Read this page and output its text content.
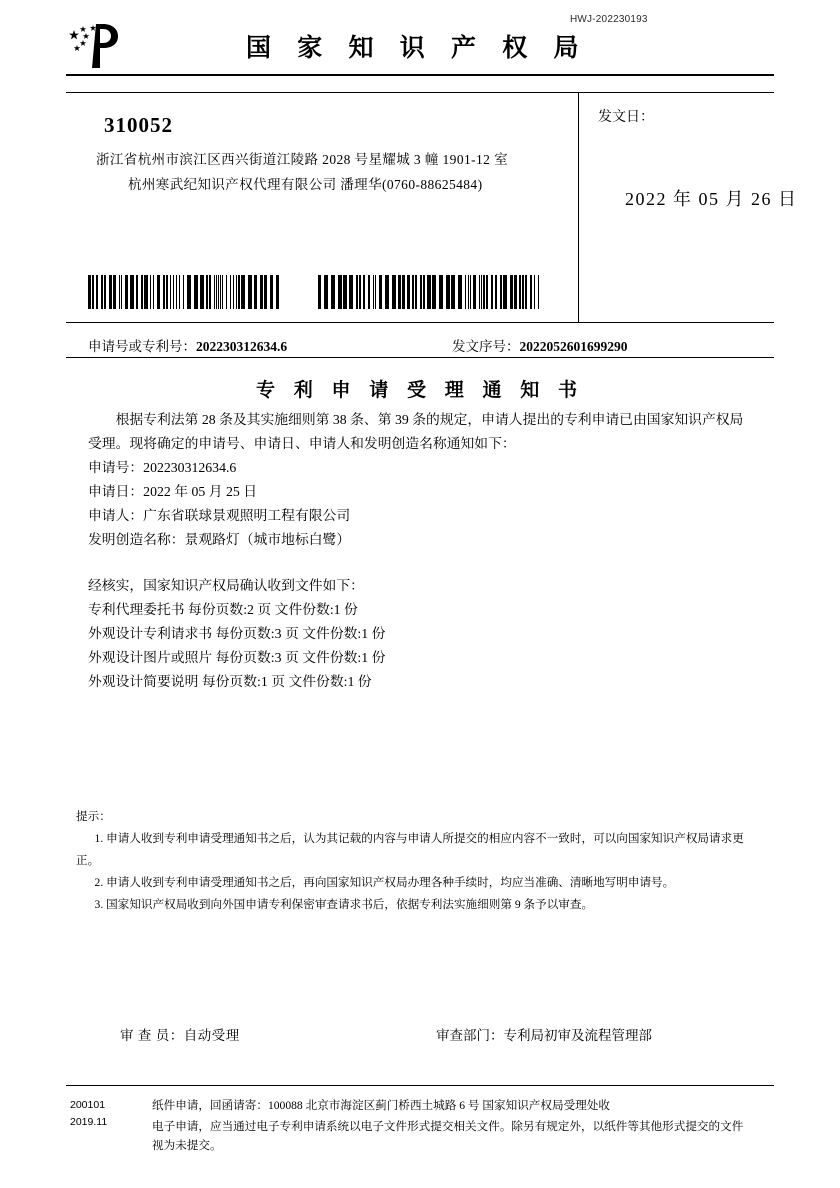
HWJ-202230193
国 家 知 识 产 权 局
310052
浙江省杭州市滨江区西兴街道江陵路 2028 号星耀城 3 幢 1901-12 室
杭州寒武纪知识产权代理有限公司 潘理华(0760-88625484)
发文日：
2022 年 05 月 26 日
申请号或专利号：202230312634.6	发文序号：2022052601699290
专 利 申 请 受 理 通 知 书

根据专利法第 28 条及其实施细则第 38 条、第 39 条的规定，申请人提出的专利申请已由国家知识产权局受理。现将确定的申请号、申请日、申请人和发明创造名称通知如下：

申请号：202230312634.6

申请日：2022 年 05 月 25 日

申请人：广东省联球景观照明工程有限公司

发明创造名称：景观路灯（城市地标白鹭）

经核实，国家知识产权局确认收到文件如下：

专利代理委托书 每份页数:2 页 文件份数:1 份

外观设计专利请求书 每份页数:3 页 文件份数:1 份

外观设计图片或照片 每份页数:3 页 文件份数:1 份

外观设计简要说明 每份页数:1 页 文件份数:1 份

提示：

1. 申请人收到专利申请受理通知书之后，认为其记载的内容与申请人所提交的相应内容不一致时，可以向国家知识产权局请求更正。

2. 申请人收到专利申请受理通知书之后，再向国家知识产权局办理各种手续时，均应当准确、清晰地写明申请号。

3. 国家知识产权局收到向外国申请专利保密审查请求书后，依据专利法实施细则第 9 条予以审查。

审 查 员：自动受理	审查部门：专利局初审及流程管理部
200101
2019.11
纸件申请，回函请寄：100088 北京市海淀区蓟门桥西土城路 6 号 国家知识产权局受理处收
电子申请，应当通过电子专利申请系统以电子文件形式提交相关文件。除另有规定外，以纸件等其他形式提交的文件视为未提交。
